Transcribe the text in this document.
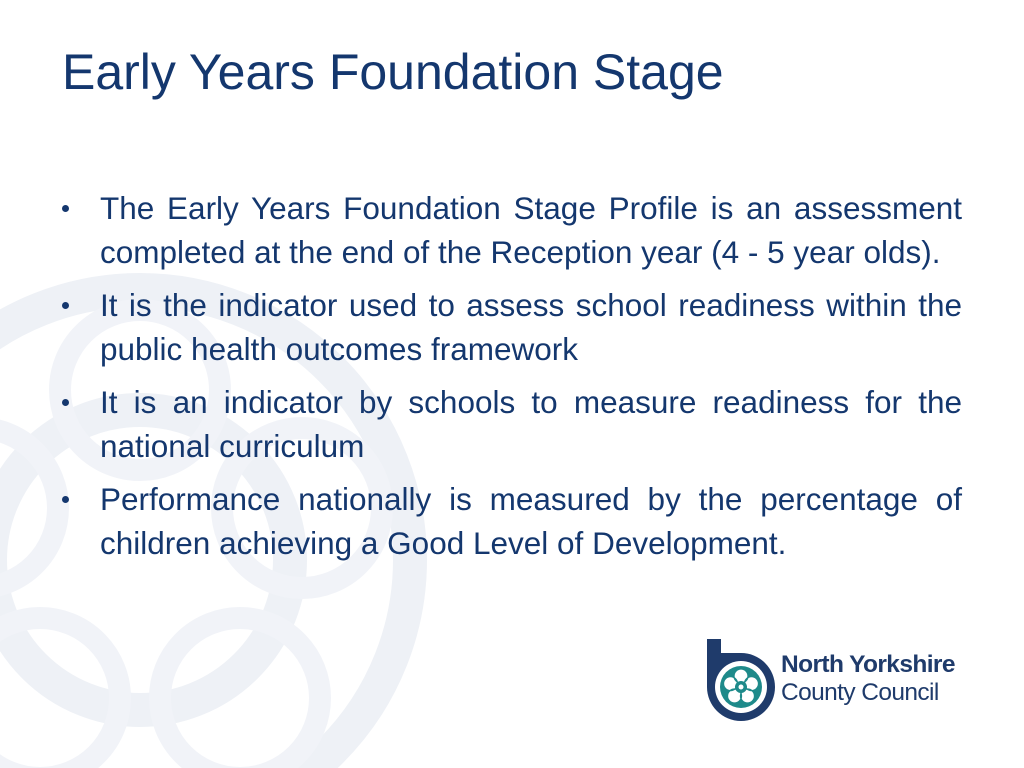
Early Years Foundation Stage
The Early Years Foundation Stage Profile is an assessment completed at the end of the Reception year (4 - 5 year olds).
It is the indicator used to assess school readiness within the public health outcomes framework
It is an indicator by schools to measure readiness for the national curriculum
Performance nationally is measured by the percentage of children achieving a Good Level of Development.
North Yorkshire
County Council
